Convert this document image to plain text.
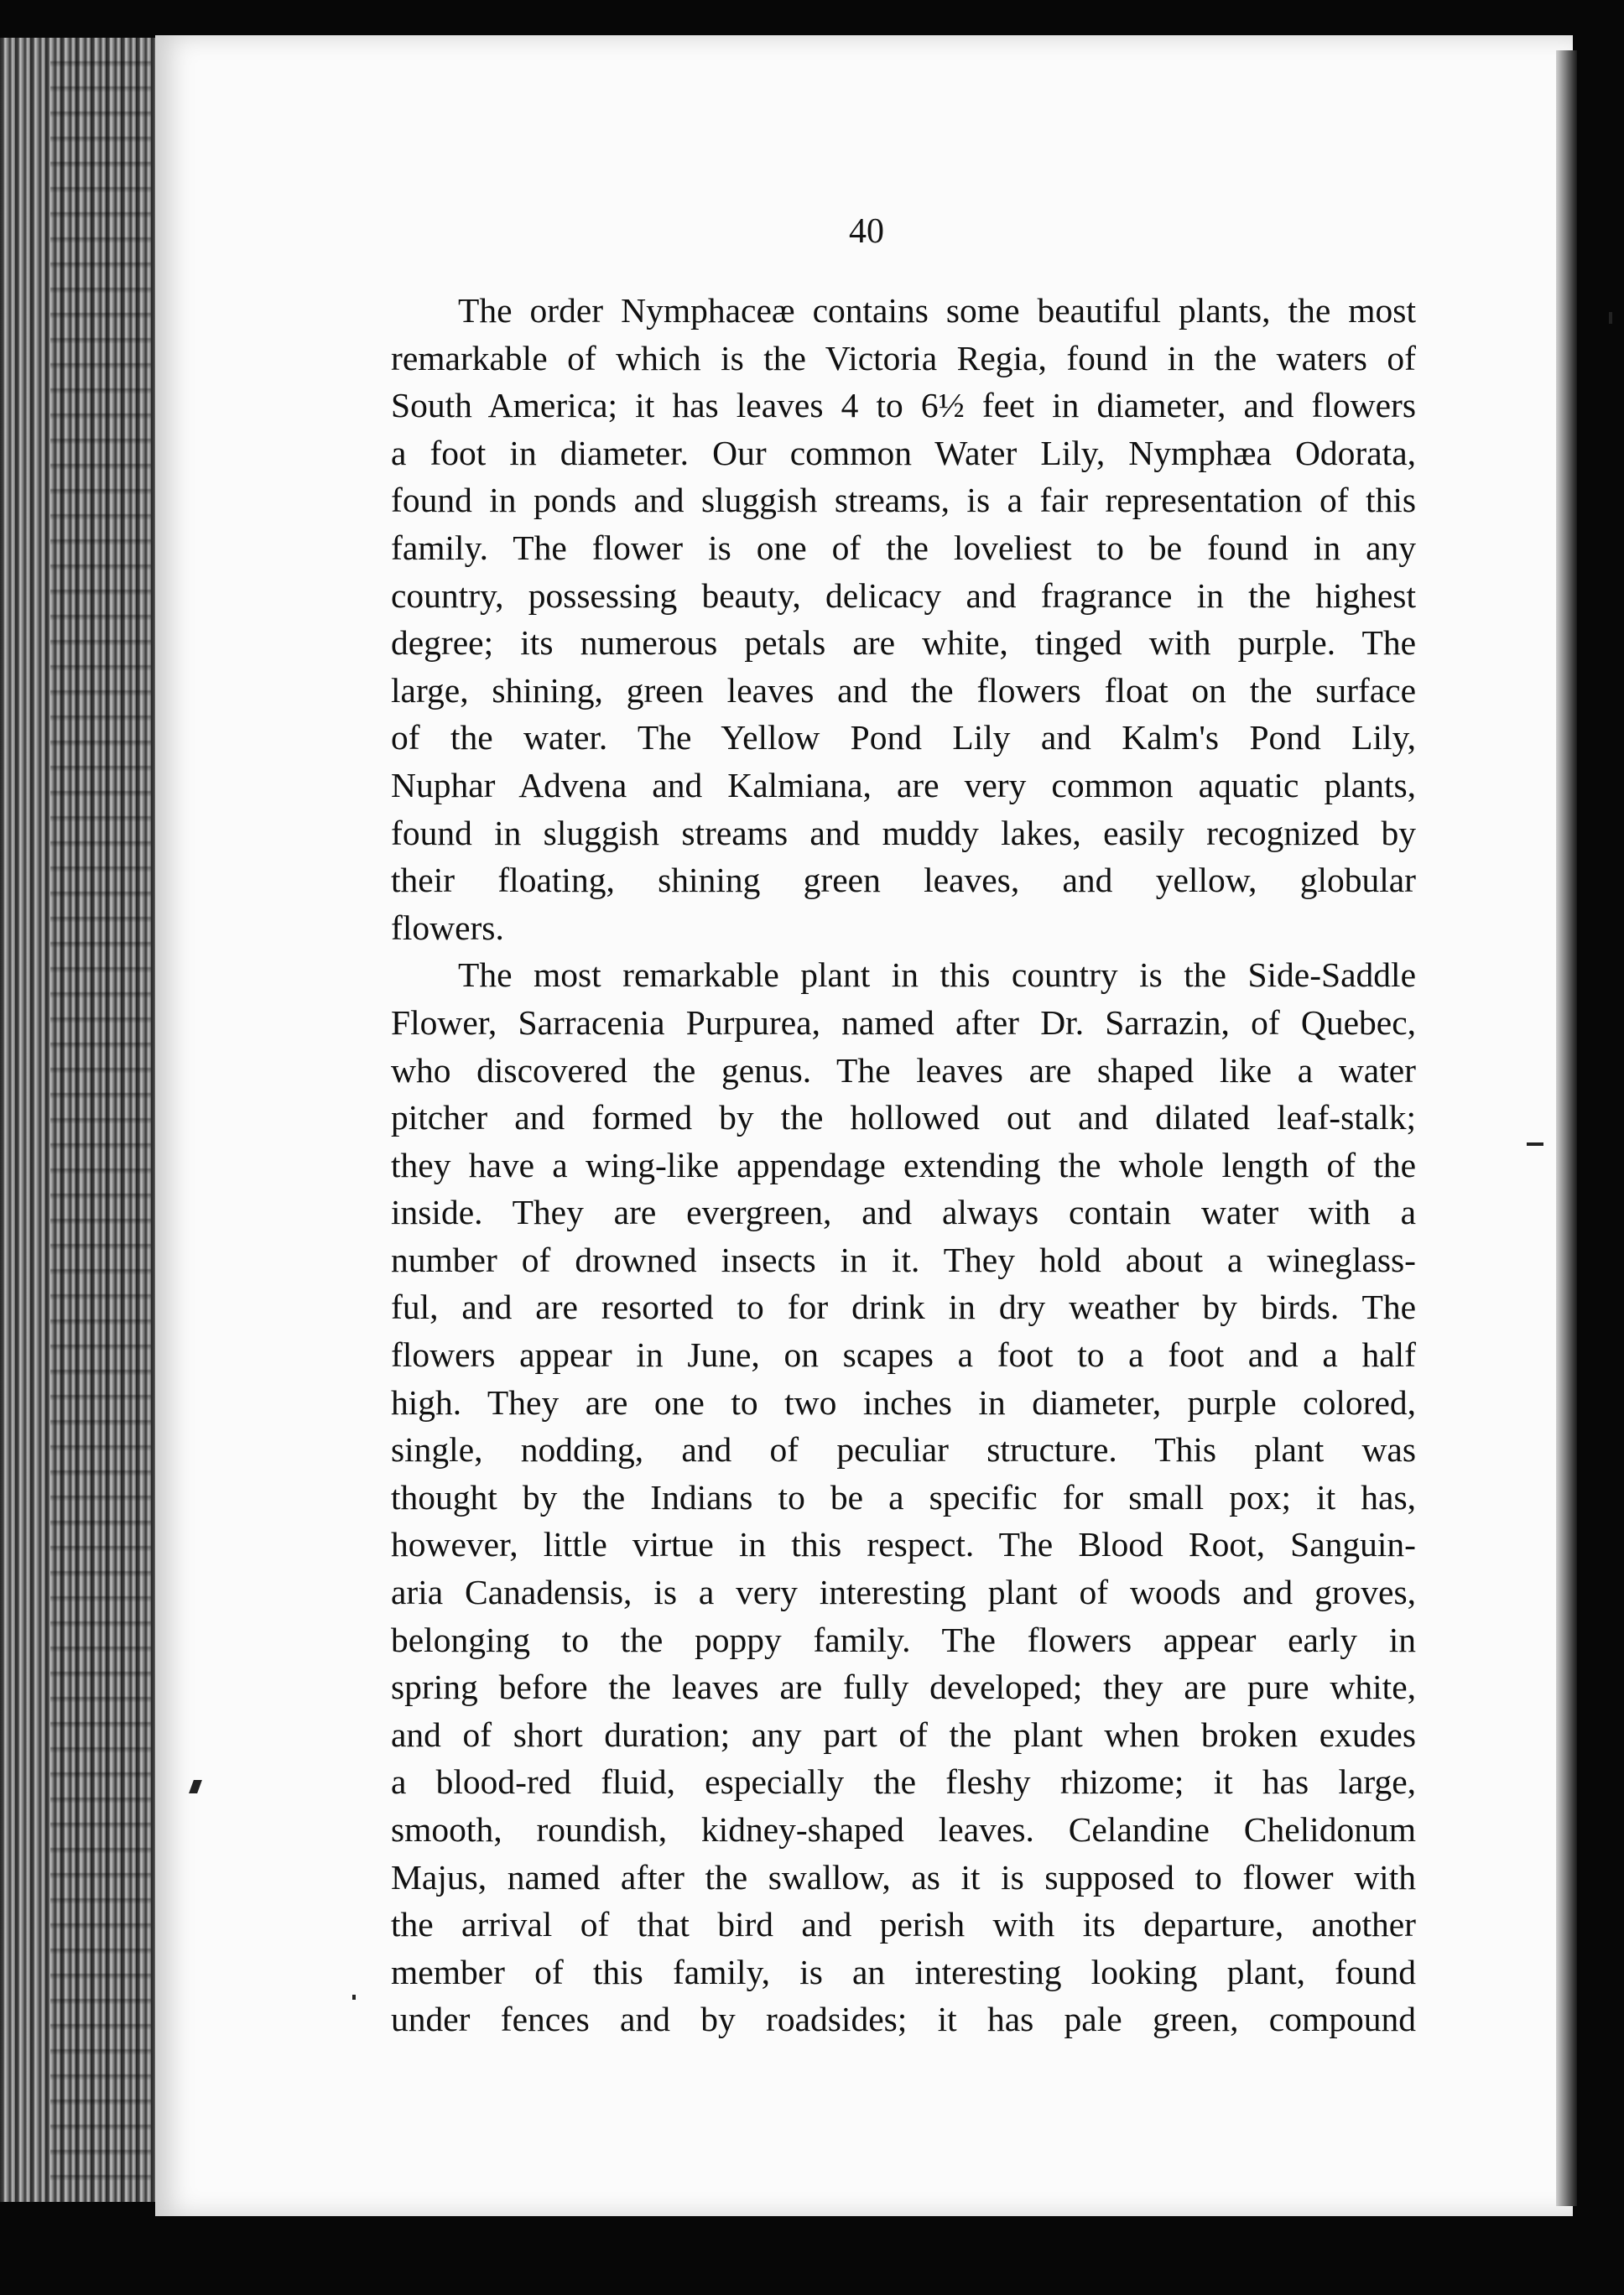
40
The order Nymphaceæ contains some beautiful plants, the most
remarkable of which is the Victoria Regia, found in the waters of
South America; it has leaves 4 to 6½ feet in diameter, and flowers
a foot in diameter. Our common Water Lily, Nymphæa Odorata,
found in ponds and sluggish streams, is a fair representation of this
family. The flower is one of the loveliest to be found in any
country, possessing beauty, delicacy and fragrance in the highest
degree; its numerous petals are white, tinged with purple. The
large, shining, green leaves and the flowers float on the surface
of the water. The Yellow Pond Lily and Kalm's Pond Lily,
Nuphar Advena and Kalmiana, are very common aquatic plants,
found in sluggish streams and muddy lakes, easily recognized by
their floating, shining green leaves, and yellow, globular
flowers.
The most remarkable plant in this country is the Side-Saddle
Flower, Sarracenia Purpurea, named after Dr. Sarrazin, of Quebec,
who discovered the genus. The leaves are shaped like a water
pitcher and formed by the hollowed out and dilated leaf-stalk;
they have a wing-like appendage extending the whole length of the
inside. They are evergreen, and always contain water with a
number of drowned insects in it. They hold about a wineglass-
ful, and are resorted to for drink in dry weather by birds. The
flowers appear in June, on scapes a foot to a foot and a half
high. They are one to two inches in diameter, purple colored,
single, nodding, and of peculiar structure. This plant was
thought by the Indians to be a specific for small pox; it has,
however, little virtue in this respect. The Blood Root, Sanguin-
aria Canadensis, is a very interesting plant of woods and groves,
belonging to the poppy family. The flowers appear early in
spring before the leaves are fully developed; they are pure white,
and of short duration; any part of the plant when broken exudes
a blood-red fluid, especially the fleshy rhizome; it has large,
smooth, roundish, kidney-shaped leaves. Celandine Chelidonum
Majus, named after the swallow, as it is supposed to flower with
the arrival of that bird and perish with its departure, another
member of this family, is an interesting looking plant, found
under fences and by roadsides; it has pale green, compound
